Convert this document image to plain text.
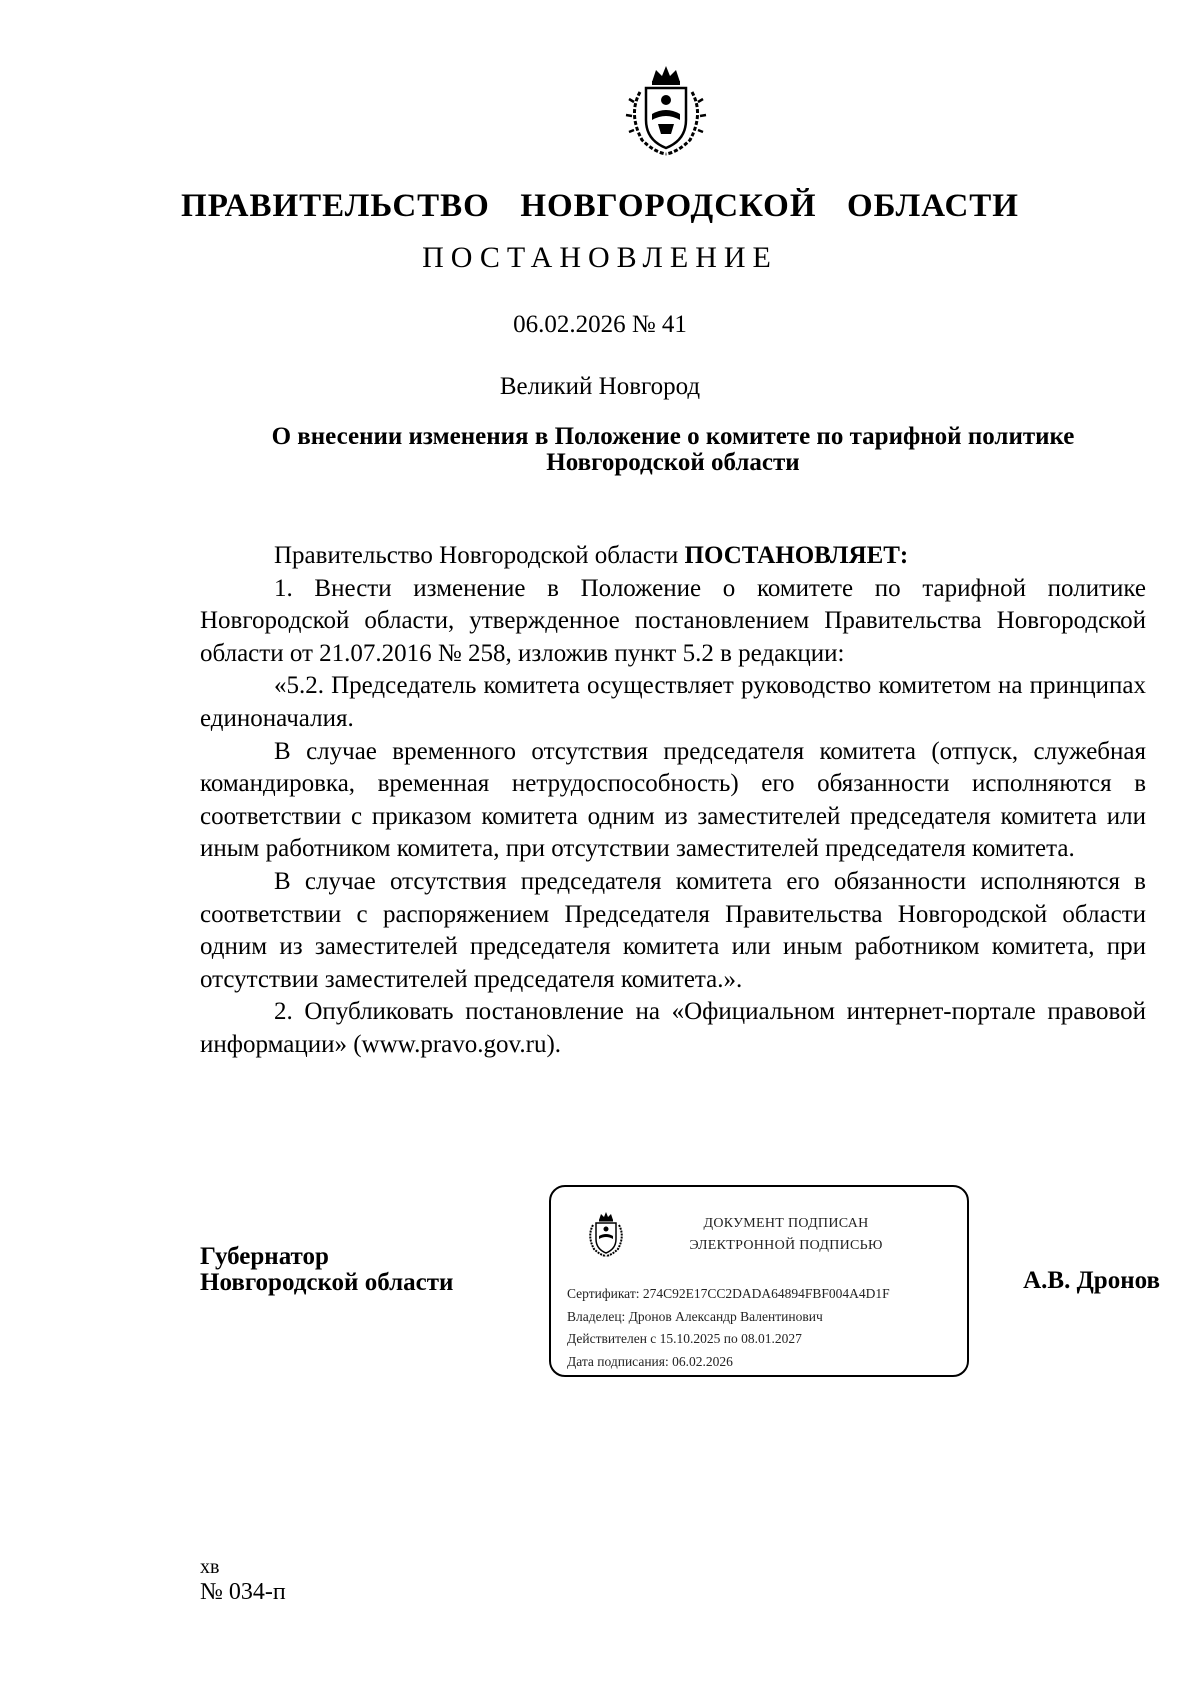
ПРАВИТЕЛЬСТВО  НОВГОРОДСКОЙ  ОБЛАСТИ
ПОСТАНОВЛЕНИЕ
06.02.2026 № 41
Великий Новгород
О внесении изменения в Положение о комитете по тарифной политике Новгородской области

Правительство Новгородской области ПОСТАНОВЛЯЕТ:

1. Внести изменение в Положение о комитете по тарифной политике Новгородской области, утвержденное постановлением Правительства Новгородской области от 21.07.2016 № 258, изложив пункт 5.2 в редакции:

«5.2. Председатель комитета осуществляет руководство комитетом на принципах единоначалия.

В случае временного отсутствия председателя комитета (отпуск, служебная командировка, временная нетрудоспособность) его обязанности исполняются в соответствии с приказом комитета одним из заместителей председателя комитета или иным работником комитета, при отсутствии заместителей председателя комитета.

В случае отсутствия председателя комитета его обязанности исполняются в соответствии с распоряжением Председателя Правительства Новгородской области одним из заместителей председателя комитета или иным работником комитета, при отсутствии заместителей председателя комитета.».

2. Опубликовать постановление на «Официальном интернет-портале правовой информации» (www.pravo.gov.ru).

Губернатор
Новгородской области
ДОКУМЕНТ ПОДПИСАН
ЭЛЕКТРОННОЙ ПОДПИСЬЮ
Сертификат: 274C92E17CC2DADA64894FBF004A4D1F
Владелец: Дронов Александр Валентинович
Действителен с 15.10.2025 по 08.01.2027
Дата подписания: 06.02.2026
А.В. Дронов
хв
№ 034-п
